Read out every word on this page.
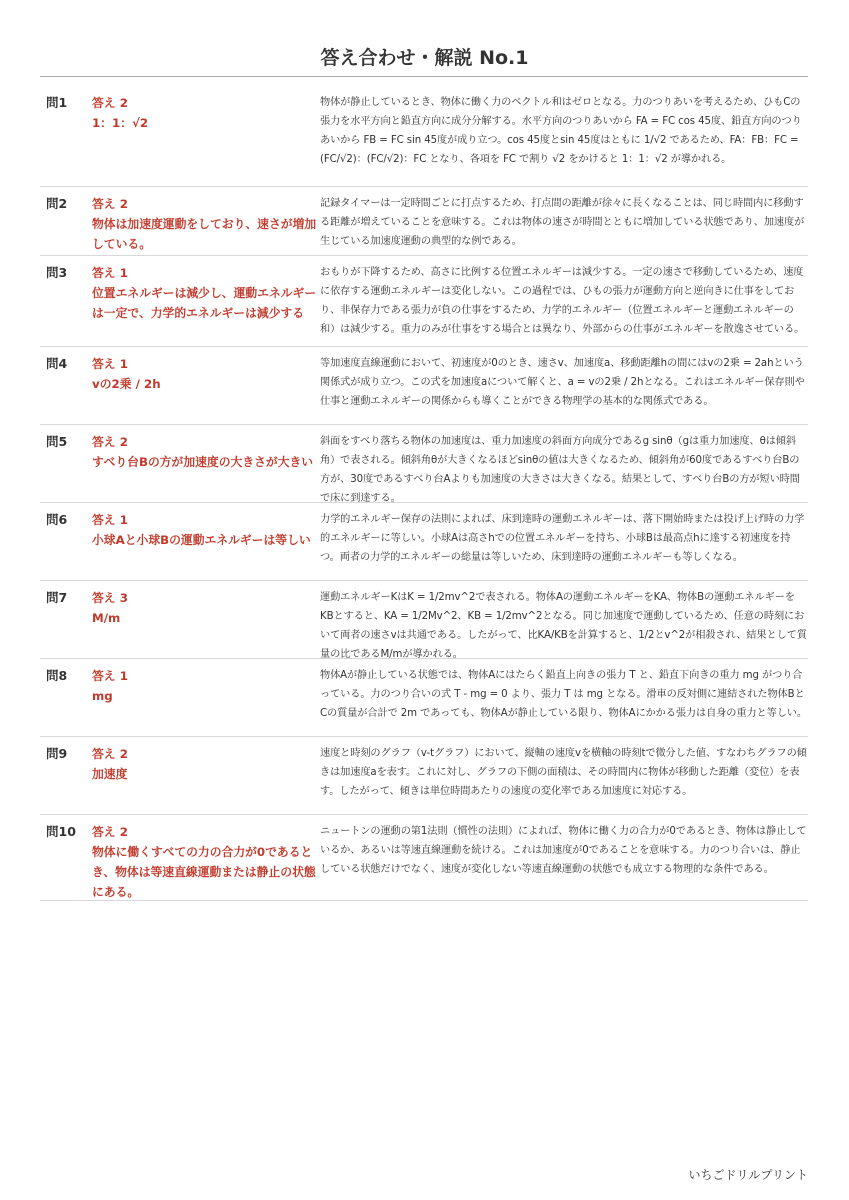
答え合わせ・解説 No.1
問1	答え 2
1：1：√2
物体が静止しているとき、物体に働く力のベクトル和はゼロとなる。力のつりあいを考えるため、ひもCの張力を水平方向と鉛直方向に成分分解する。水平方向のつりあいから FA = FC cos 45度、鉛直方向のつりあいから FB = FC sin 45度が成り立つ。cos 45度とsin 45度はともに 1/√2 であるため、FA：FB：FC = (FC/√2)：(FC/√2)：FC となり、各項を FC で割り √2 をかけると 1：1：√2 が導かれる。
問2	答え 2
物体は加速度運動をしており、速さが増加している。
記録タイマーは一定時間ごとに打点するため、打点間の距離が徐々に長くなることは、同じ時間内に移動する距離が増えていることを意味する。これは物体の速さが時間とともに増加している状態であり、加速度が生じている加速度運動の典型的な例である。
問3	答え 1
位置エネルギーは減少し、運動エネルギーは一定で、力学的エネルギーは減少する
おもりが下降するため、高さに比例する位置エネルギーは減少する。一定の速さで移動しているため、速度に依存する運動エネルギーは変化しない。この過程では、ひもの張力が運動方向と逆向きに仕事をしており、非保存力である張力が負の仕事をするため、力学的エネルギー（位置エネルギーと運動エネルギーの和）は減少する。重力のみが仕事をする場合とは異なり、外部からの仕事がエネルギーを散逸させている。
問4	答え 1
vの2乗 / 2h
等加速度直線運動において、初速度が0のとき、速さv、加速度a、移動距離hの間にはvの2乗 = 2ahという関係式が成り立つ。この式を加速度aについて解くと、a = vの2乗 / 2hとなる。これはエネルギー保存則や仕事と運動エネルギーの関係からも導くことができる物理学の基本的な関係式である。
問5	答え 2
すべり台Bの方が加速度の大きさが大きい
斜面をすべり落ちる物体の加速度は、重力加速度の斜面方向成分であるg sinθ（gは重力加速度、θは傾斜角）で表される。傾斜角θが大きくなるほどsinθの値は大きくなるため、傾斜角が60度であるすべり台Bの方が、30度であるすべり台Aよりも加速度の大きさは大きくなる。結果として、すべり台Bの方が短い時間で床に到達する。
問6	答え 1
小球Aと小球Bの運動エネルギーは等しい
力学的エネルギー保存の法則によれば、床到達時の運動エネルギーは、落下開始時または投げ上げ時の力学的エネルギーに等しい。小球Aは高さhでの位置エネルギーを持ち、小球Bは最高点hに達する初速度を持つ。両者の力学的エネルギーの総量は等しいため、床到達時の運動エネルギーも等しくなる。
問7	答え 3
M/m
運動エネルギーKはK = 1/2mv^2で表される。物体Aの運動エネルギーをKA、物体Bの運動エネルギーをKBとすると、KA = 1/2Mv^2、KB = 1/2mv^2となる。同じ加速度で運動しているため、任意の時刻において両者の速さvは共通である。したがって、比KA/KBを計算すると、1/2とv^2が相殺され、結果として質量の比であるM/mが導かれる。
問8	答え 1
mg
物体Aが静止している状態では、物体Aにはたらく鉛直上向きの張力 T と、鉛直下向きの重力 mg がつり合っている。力のつり合いの式 T - mg = 0 より、張力 T は mg となる。滑車の反対側に連結された物体BとCの質量が合計で 2m であっても、物体Aが静止している限り、物体Aにかかる張力は自身の重力と等しい。
問9	答え 2
加速度
速度と時刻のグラフ（v-tグラフ）において、縦軸の速度vを横軸の時刻tで微分した値、すなわちグラフの傾きは加速度aを表す。これに対し、グラフの下側の面積は、その時間内に物体が移動した距離（変位）を表す。したがって、傾きは単位時間あたりの速度の変化率である加速度に対応する。
問10	答え 2
物体に働くすべての力の合力が0であるとき、物体は等速直線運動または静止の状態にある。
ニュートンの運動の第1法則（慣性の法則）によれば、物体に働く力の合力が0であるとき、物体は静止しているか、あるいは等速直線運動を続ける。これは加速度が0であることを意味する。力のつり合いは、静止している状態だけでなく、速度が変化しない等速直線運動の状態でも成立する物理的な条件である。
いちごドリルプリント
